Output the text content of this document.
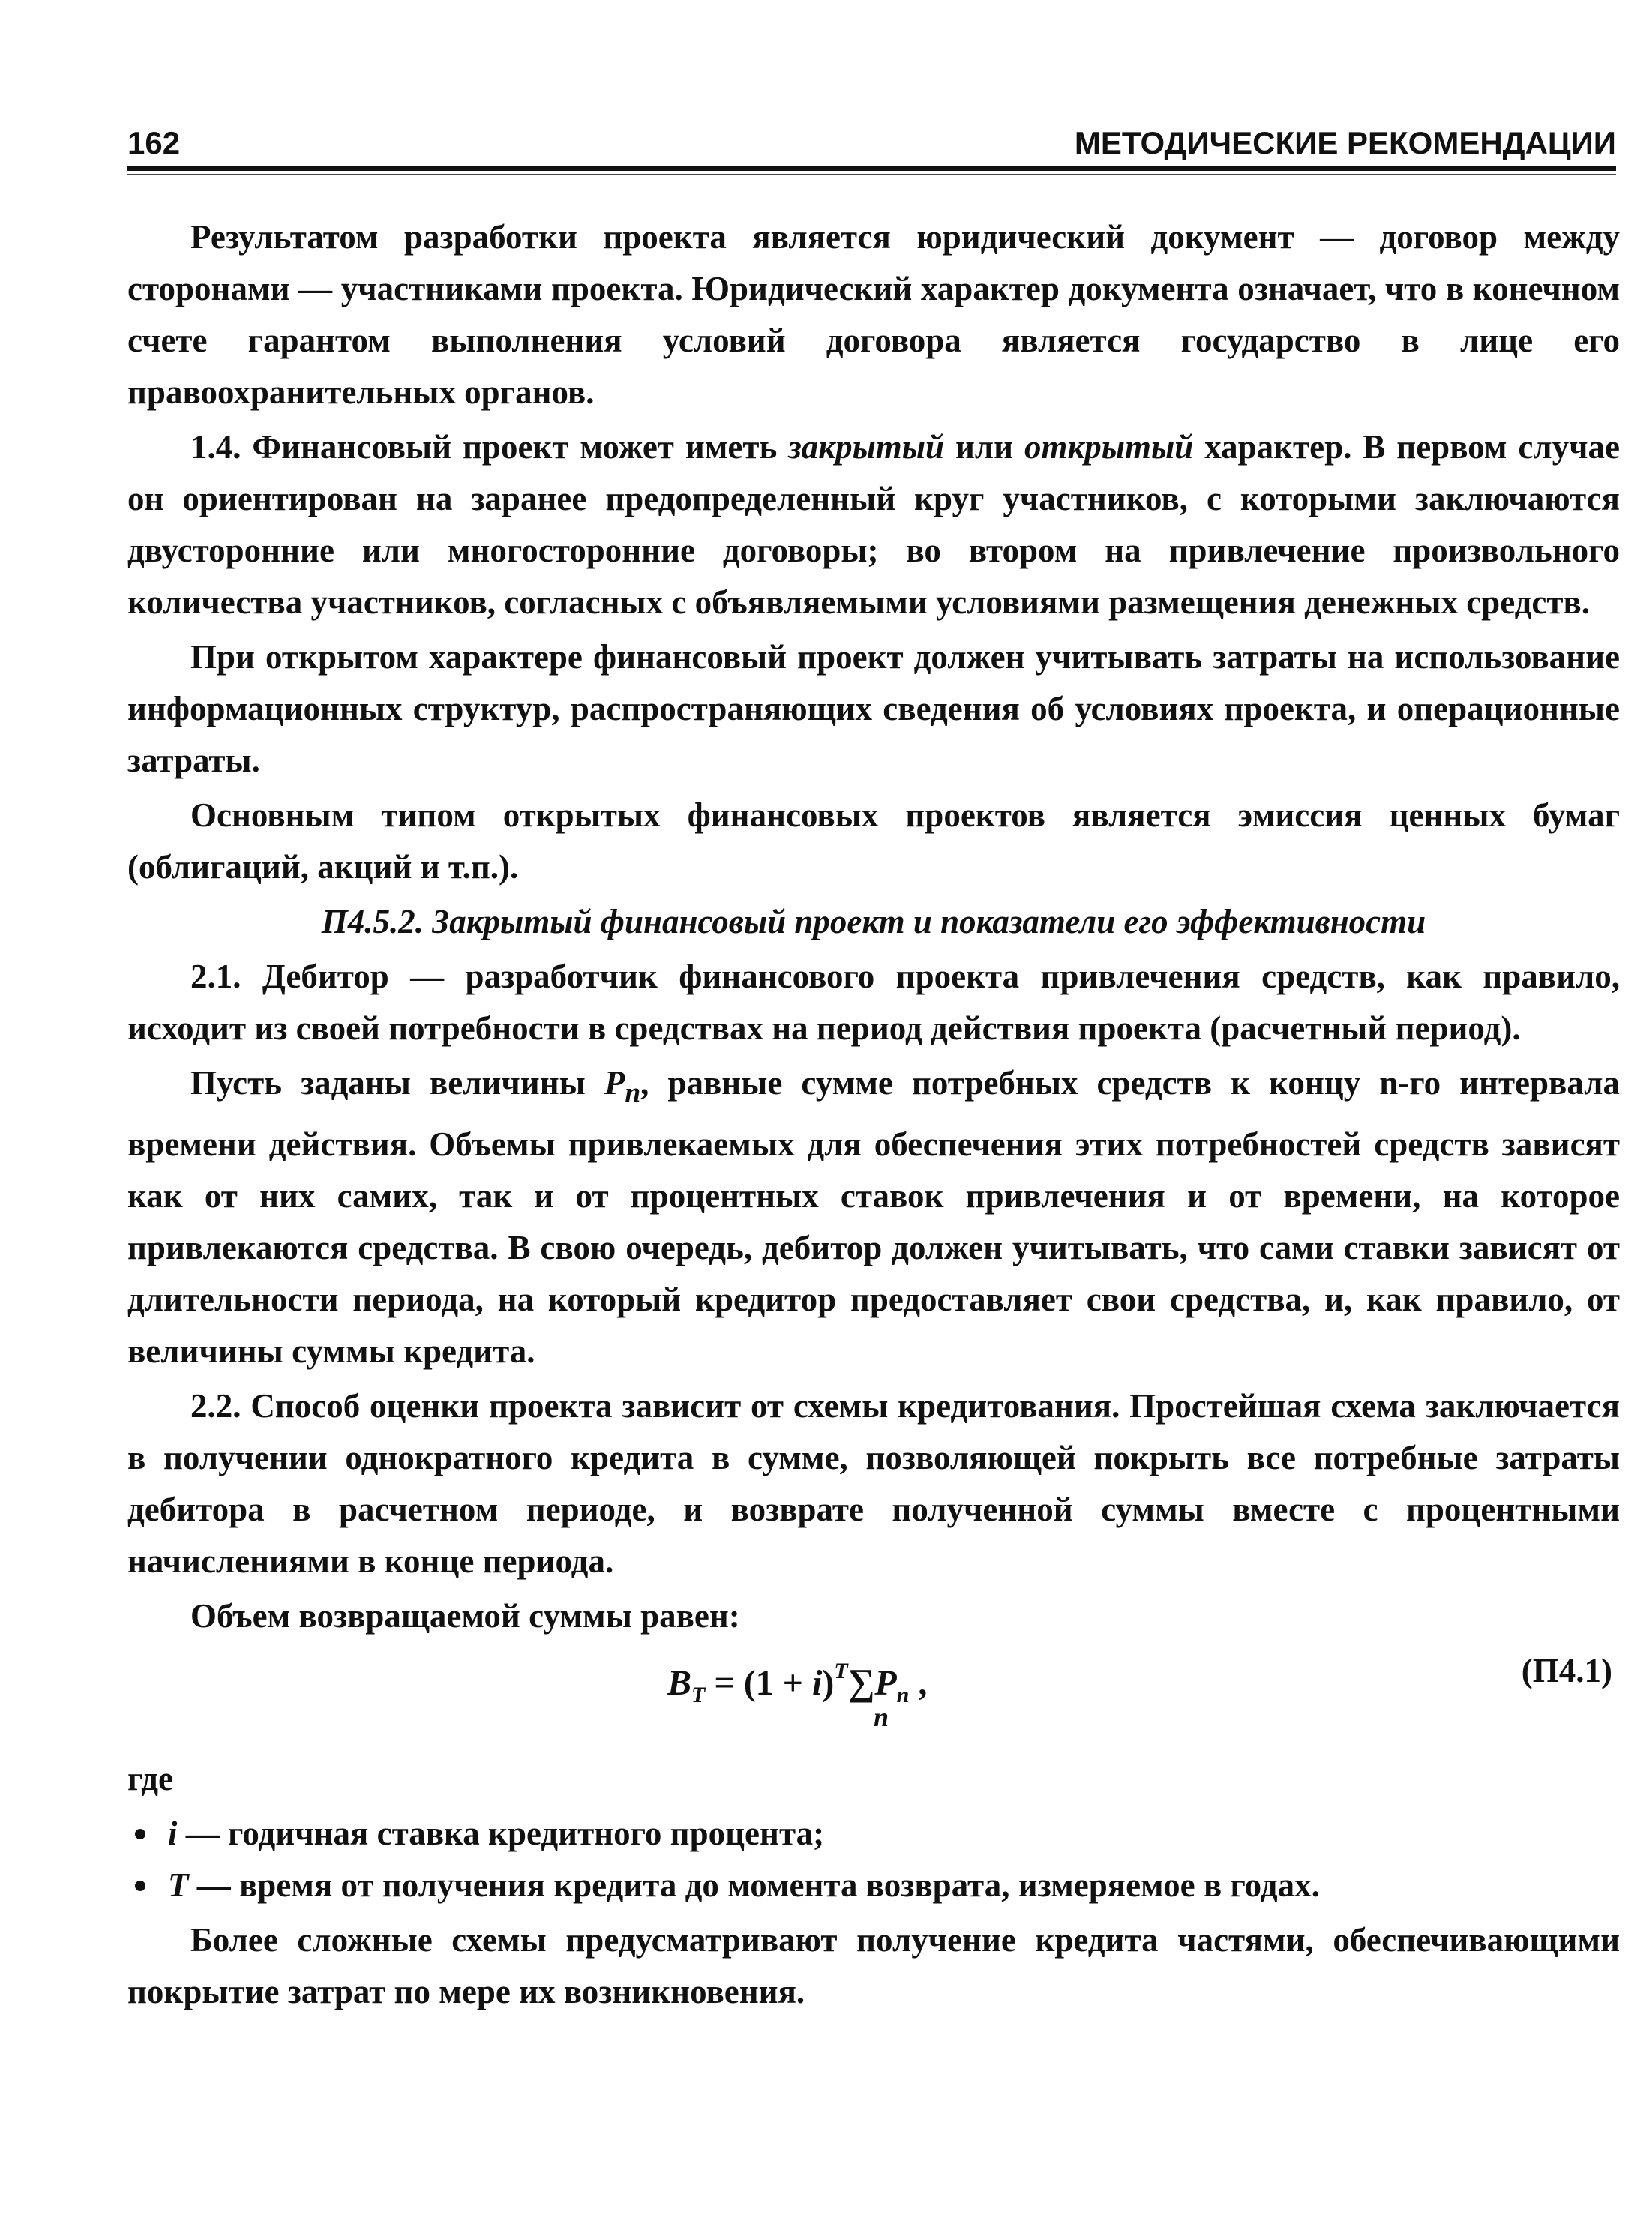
162	МЕТОДИЧЕСКИЕ РЕКОМЕНДАЦИИ

Результатом разработки проекта является юридический документ — договор между сторонами — участниками проекта. Юридический характер документа означает, что в конечном счете гарантом выполнения условий договора является государство в лице его правоохранительных органов.

1.4. Финансовый проект может иметь закрытый или открытый характер. В первом случае он ориентирован на заранее предопределенный круг участников, с которыми заключаются двусторонние или многосторонние договоры; во втором на привлечение произвольного количества участников, согласных с объявляемыми условиями размещения денежных средств.

При открытом характере финансовый проект должен учитывать затраты на использование информационных структур, распространяющих сведения об условиях проекта, и операционные затраты.

Основным типом открытых финансовых проектов является эмиссия ценных бумаг (облигаций, акций и т.п.).

П4.5.2. Закрытый финансовый проект и показатели его эффективности

2.1. Дебитор — разработчик финансового проекта привлечения средств, как правило, исходит из своей потребности в средствах на период действия проекта (расчетный период).

Пусть заданы величины $P_n$, равные сумме потребных средств к концу n-го интервала времени действия. Объемы привлекаемых для обеспечения этих потребностей средств зависят как от них самих, так и от процентных ставок привлечения и от времени, на которое привлекаются средства. В свою очередь, дебитор должен учитывать, что сами ставки зависят от длительности периода, на который кредитор предоставляет свои средства, и, как правило, от величины суммы кредита.

2.2. Способ оценки проекта зависит от схемы кредитования. Простейшая схема заключается в получении однократного кредита в сумме, позволяющей покрыть все потребные затраты дебитора в расчетном периоде, и возврате полученной суммы вместе с процентными начислениями в конце периода.

Объем возвращаемой суммы равен:

$B_T = (1 + i)^T\sum P_n$ ,
n
(П4.1)

где

i — годичная ставка кредитного процента;
T — время от получения кредита до момента возврата, измеряемое в годах.

Более сложные схемы предусматривают получение кредита частями, обеспечивающими покрытие затрат по мере их возникновения.
